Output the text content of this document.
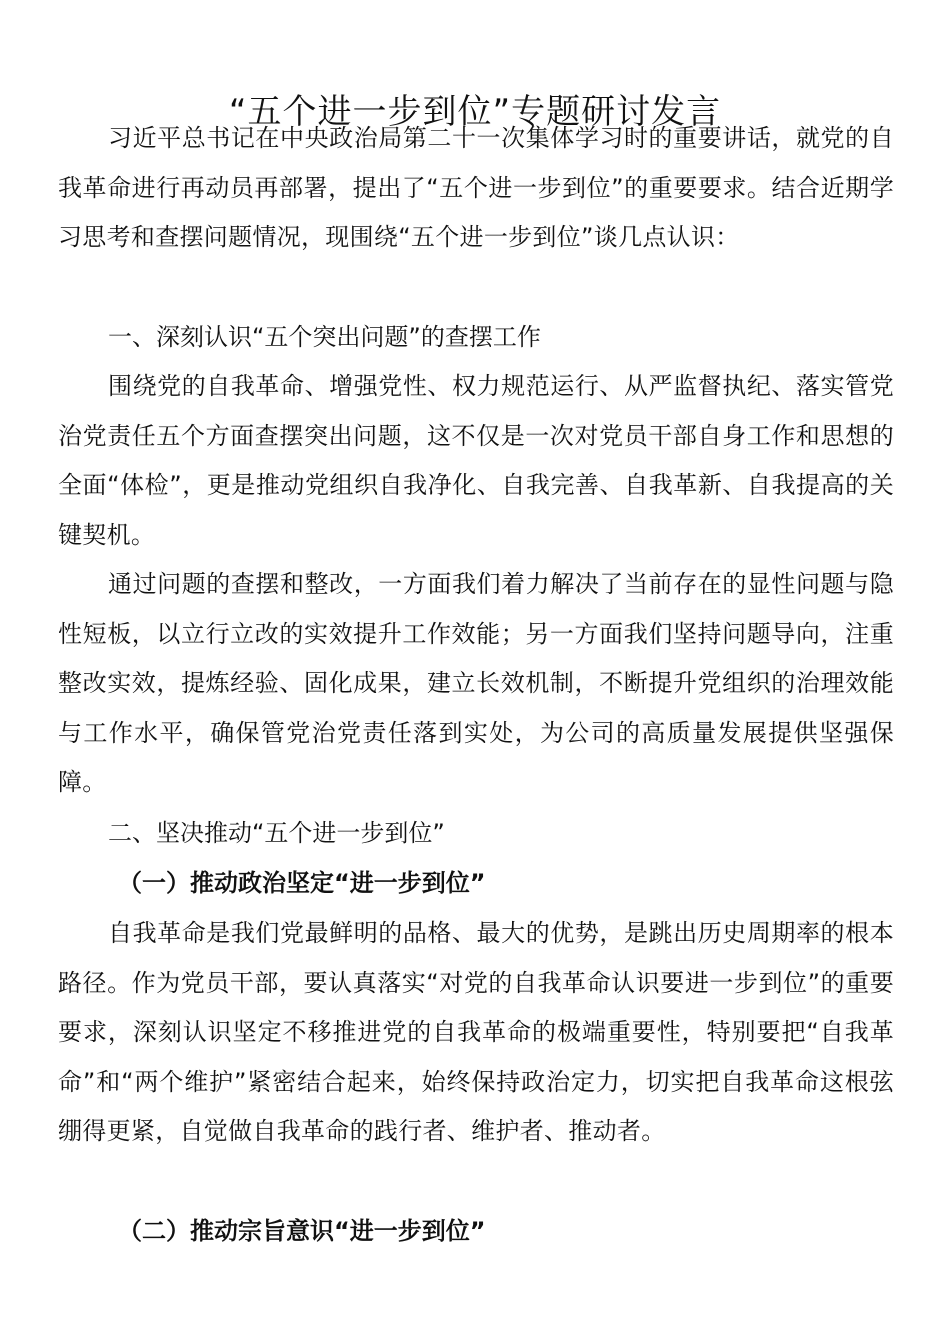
“五个进一步到位”专题研讨发言

习近平总书记在中央政治局第二十一次集体学习时的重要讲话，就党的自我革命进行再动员再部署，提出了“五个进一步到位”的重要要求。结合近期学习思考和查摆问题情况，现围绕“五个进一步到位”谈几点认识：

一、深刻认识“五个突出问题”的查摆工作

围绕党的自我革命、增强党性、权力规范运行、从严监督执纪、落实管党治党责任五个方面查摆突出问题，这不仅是一次对党员干部自身工作和思想的全面“体检”，更是推动党组织自我净化、自我完善、自我革新、自我提高的关键契机。

通过问题的查摆和整改，一方面我们着力解决了当前存在的显性问题与隐性短板，以立行立改的实效提升工作效能；另一方面我们坚持问题导向，注重整改实效，提炼经验、固化成果，建立长效机制，不断提升党组织的治理效能与工作水平，确保管党治党责任落到实处，为公司的高质量发展提供坚强保障。

二、坚决推动“五个进一步到位”

（一）推动政治坚定“进一步到位”

自我革命是我们党最鲜明的品格、最大的优势，是跳出历史周期率的根本路径。作为党员干部，要认真落实“对党的自我革命认识要进一步到位”的重要要求，深刻认识坚定不移推进党的自我革命的极端重要性，特别要把“自我革命”和“两个维护”紧密结合起来，始终保持政治定力，切实把自我革命这根弦绷得更紧，自觉做自我革命的践行者、维护者、推动者。

（二）推动宗旨意识“进一步到位”
